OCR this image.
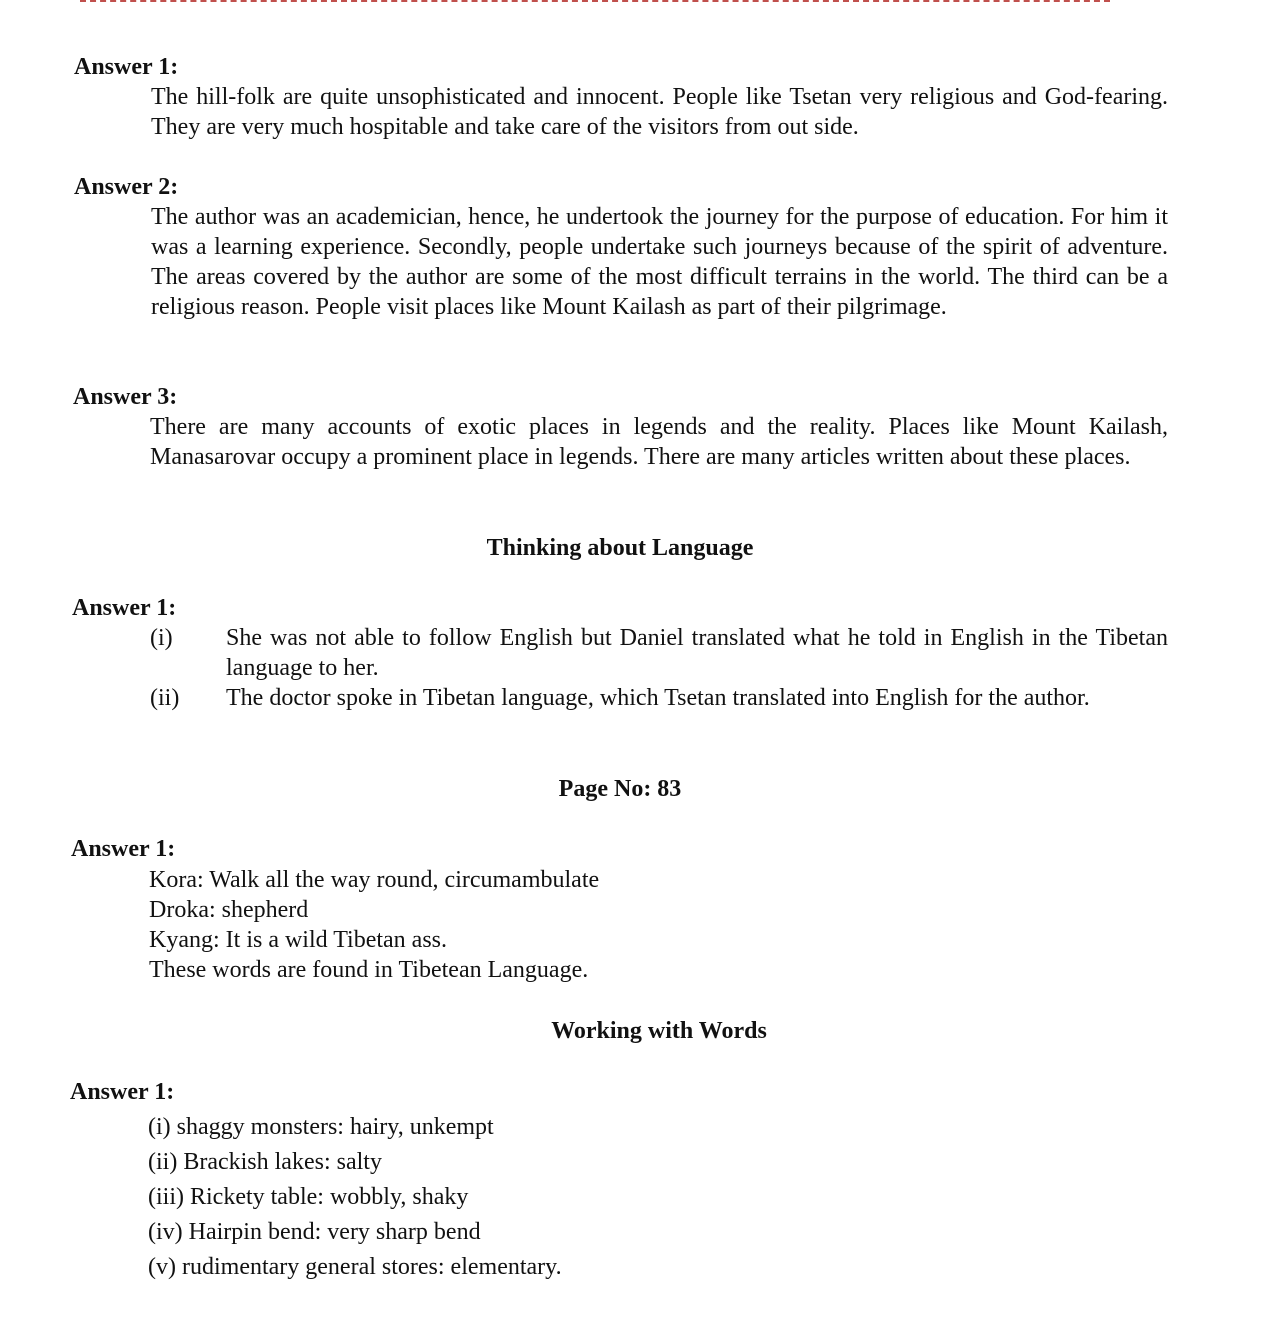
Answer 1:
The hill-folk are quite unsophisticated and innocent. People like Tsetan very religious and God-fearing. They are very much hospitable and take care of the visitors from out side.
Answer 2:
The author was an academician, hence, he undertook the journey for the purpose of education. For him it was a learning experience. Secondly, people undertake such journeys because of the spirit of adventure. The areas covered by the author are some of the most difficult terrains in the world. The third can be a religious reason. People visit places like Mount Kailash as part of their pilgrimage.
Answer 3:
There are many accounts of exotic places in legends and the reality. Places like Mount Kailash, Manasarovar occupy a prominent place in legends. There are many articles written about these places.
Thinking about Language
Answer 1:
(i) She was not able to follow English but Daniel translated what he told in English in the Tibetan language to her.
(ii) The doctor spoke in Tibetan language, which Tsetan translated into English for the author.
Page No: 83
Answer 1:
Kora: Walk all the way round, circumambulate
Droka: shepherd
Kyang: It is a wild Tibetan ass.
These words are found in Tibetean Language.
Working with Words
Answer 1:
(i) shaggy monsters: hairy, unkempt
(ii) Brackish lakes: salty
(iii) Rickety table: wobbly, shaky
(iv) Hairpin bend: very sharp bend
(v) rudimentary general stores: elementary.
